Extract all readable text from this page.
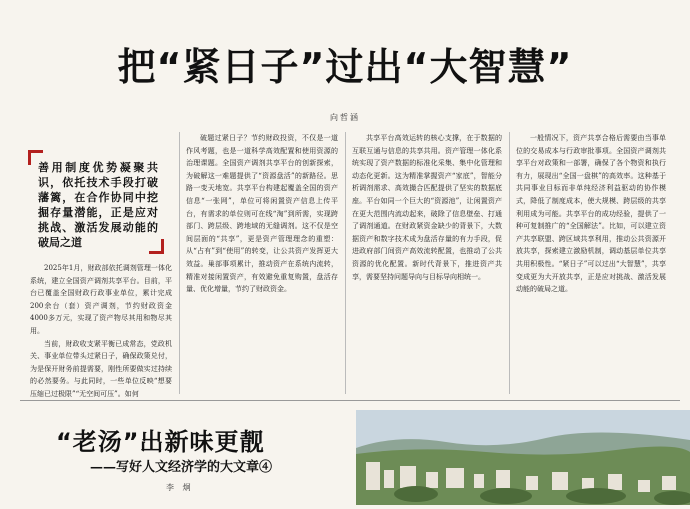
把“紧日子”过出“大智慧”
向哲涵
善用制度优势凝聚共识，依托技术手段打破藩篱，在合作协同中挖掘存量潜能，正是应对挑战、激活发展动能的破局之道

2025年1月，财政部依托调剂管理一体化系统，建立全国资产调剂共享平台。目前，平台已覆盖全国财政行政事业单位，累计完成200余台（套）资产调剂，节约财政资金4000多万元，实现了资产物尽其用和物尽其用。

当前，财政收支紧平衡已成常态，党政机关、事业单位带头过紧日子，确保政策兑付，为是保开财务前提需要，刚性所要做实过持续的必然要务。与此同时，一些单位反映“想要压缩已过极限”“无空间可压”。如何

破题过紧日子？节约财政投资，不仅是一道作风考题，也是一道科学高效配置和使用资源的治理课题。全国资产调剂共享平台的创新探索，为破解这一难题提供了“资源盘活”的新路径。思路一变天地宽。共享平台构建起覆盖全国的资产信息“一张网”，单位可将闲置资产信息上传平台，有需求的单位则可在线“淘”到所需，实现跨部门、跨层级、跨地域的无缝调剂。这不仅是空间层面的“共享”，更是资产管理理念的重塑：从“占有”到“使用”的转变，让公共资产发挥更大效益。巢部事项累计，推动资产在系统内流转，精准对接闲置资产，有效避免重复购置，盘活存量、优化增量，节约了财政资金。

共享平台高效运转的核心支撑，在于数据的互联互通与信息的共享共用。资产管理一体化系统实现了资产数据的标准化采集、集中化管理和动态化更新。这为精准掌握资产“家底”，智能分析调剂需求、高效撮合匹配提供了坚实的数据底座。平台如同一个巨大的“资源池”，让闲置资产在更大范围内流动起来，破除了信息壁垒、打通了调剂通道。在财政紧资金缺少的背景下，大数据资产和数字技术成为盘活存量的有力手段，促进政府部门间资产高效流转配置，也推动了公共资源的优化配置。新时代背景下，推进资产共享，需要坚持问题导向与目标导向相统一。

一般情况下，资产共享合格后需要由当事单位的交易成本与行政审批事项。全国资产调剂共享平台对政策和一部署，确保了各个物资和执行有力，展现出“全国一盘棋”的高效率。这种基于共同事业目标而非单纯经济利益驱动的协作模式，降低了制度成本，使大规模、跨层级的共享利用成为可能。共享平台的成功经验，提供了一种可复制推广的“全国解法”。比如，可以建立资产共享联盟、跨区域共享利用，推动公共资源开放共享，探索建立激励机制，调动基层单位共享共用积极性。“紧日子”可以过出“大智慧”，共享变成更为大开放共享，正是应对挑战、激活发展动能的破局之道。

“老汤”出新味更靓
——写好人文经济学的大文章④
李 炯
